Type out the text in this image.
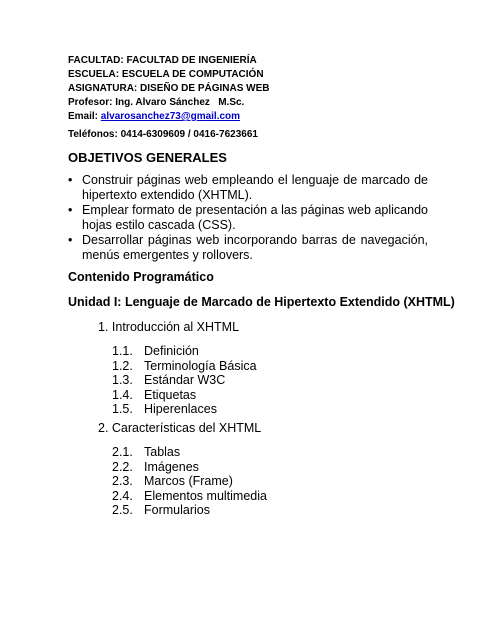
FACULTAD: FACULTAD DE INGENIERÍA
ESCUELA: ESCUELA DE COMPUTACIÓN
ASIGNATURA: DISEÑO DE PÁGINAS WEB
Profesor: Ing. Alvaro Sánchez   M.Sc.
Email: alvarosanchez73@gmail.com
Teléfonos: 0414-6309609 / 0416-7623661
OBJETIVOS GENERALES
• Construir páginas web empleando el lenguaje de marcado de hipertexto extendido (XHTML).
• Emplear formato de presentación a las páginas web aplicando hojas estilo cascada (CSS).
• Desarrollar páginas web incorporando barras de navegación, menús emergentes y rollovers.
Contenido Programático
Unidad I: Lenguaje de Marcado de Hipertexto Extendido (XHTML)
1. Introducción al XHTML
1.1. Definición
1.2. Terminología Básica
1.3. Estándar W3C
1.4. Etiquetas
1.5. Hiperenlaces
2. Características del XHTML
2.1. Tablas
2.2. Imágenes
2.3. Marcos (Frame)
2.4. Elementos multimedia
2.5. Formularios
